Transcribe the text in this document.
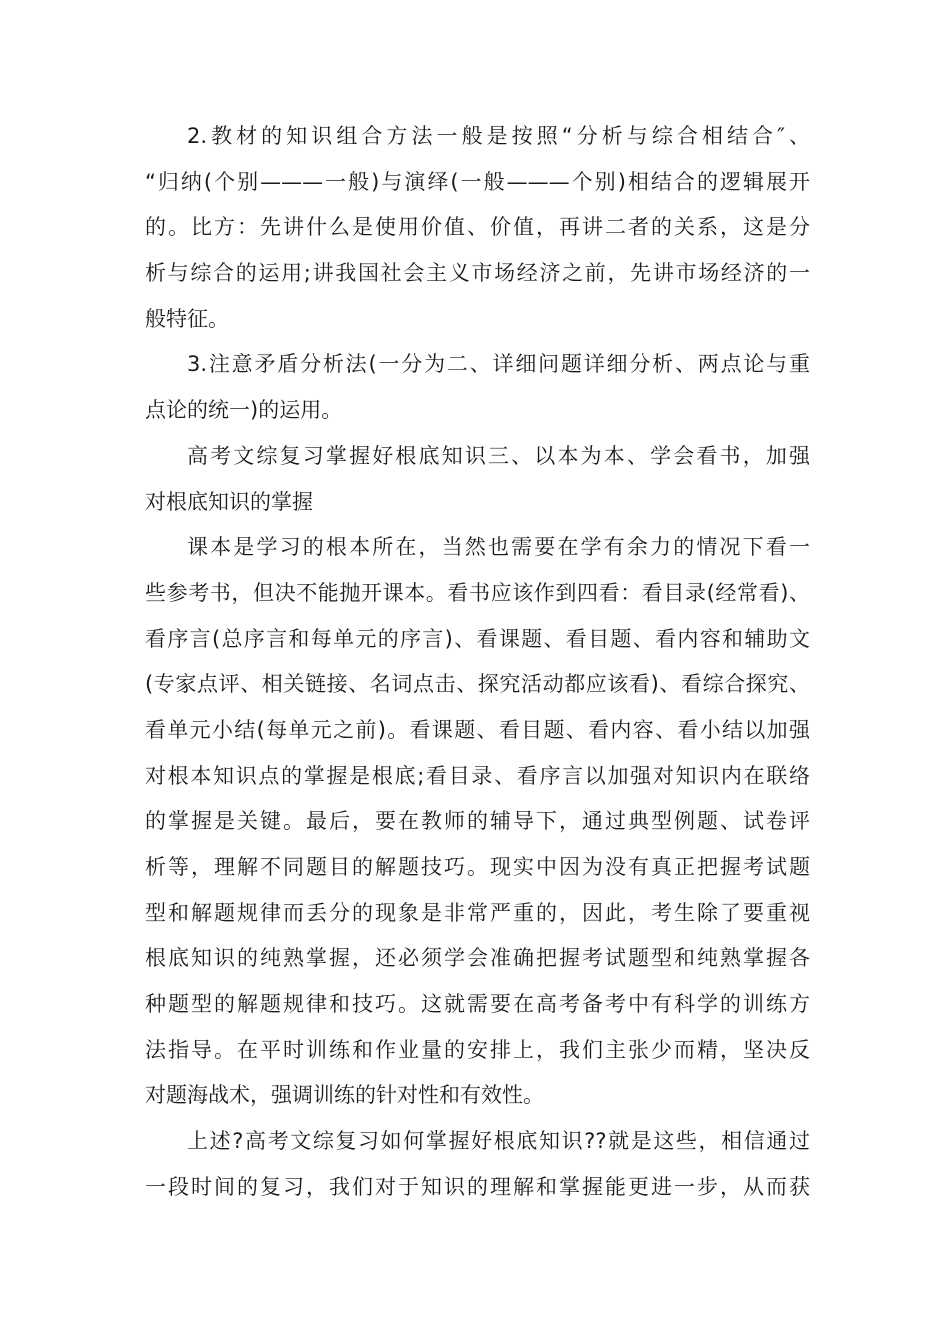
2.教材的知识组合方法一般是按照“分析与综合相结合″、
“归纳(个别———一般)与演绎(一般———个别)相结合的逻辑展开
的。比方：先讲什么是使用价值、价值，再讲二者的关系，这是分
析与综合的运用;讲我国社会主义市场经济之前，先讲市场经济的一
般特征。
3.注意矛盾分析法(一分为二、详细问题详细分析、两点论与重
点论的统一)的运用。
高考文综复习掌握好根底知识三、以本为本、学会看书，加强
对根底知识的掌握
课本是学习的根本所在，当然也需要在学有余力的情况下看一
些参考书，但决不能抛开课本。看书应该作到四看：看目录(经常看)、
看序言(总序言和每单元的序言)、看课题、看目题、看内容和辅助文
(专家点评、相关链接、名词点击、探究活动都应该看)、看综合探究、
看单元小结(每单元之前)。看课题、看目题、看内容、看小结以加强
对根本知识点的掌握是根底;看目录、看序言以加强对知识内在联络
的掌握是关键。最后，要在教师的辅导下，通过典型例题、试卷评
析等，理解不同题目的解题技巧。现实中因为没有真正把握考试题
型和解题规律而丢分的现象是非常严重的，因此，考生除了要重视
根底知识的纯熟掌握，还必须学会准确把握考试题型和纯熟掌握各
种题型的解题规律和技巧。这就需要在高考备考中有科学的训练方
法指导。在平时训练和作业量的安排上，我们主张少而精，坚决反
对题海战术，强调训练的针对性和有效性。
上述?高考文综复习如何掌握好根底知识??就是这些，相信通过
一段时间的复习，我们对于知识的理解和掌握能更进一步，从而获
